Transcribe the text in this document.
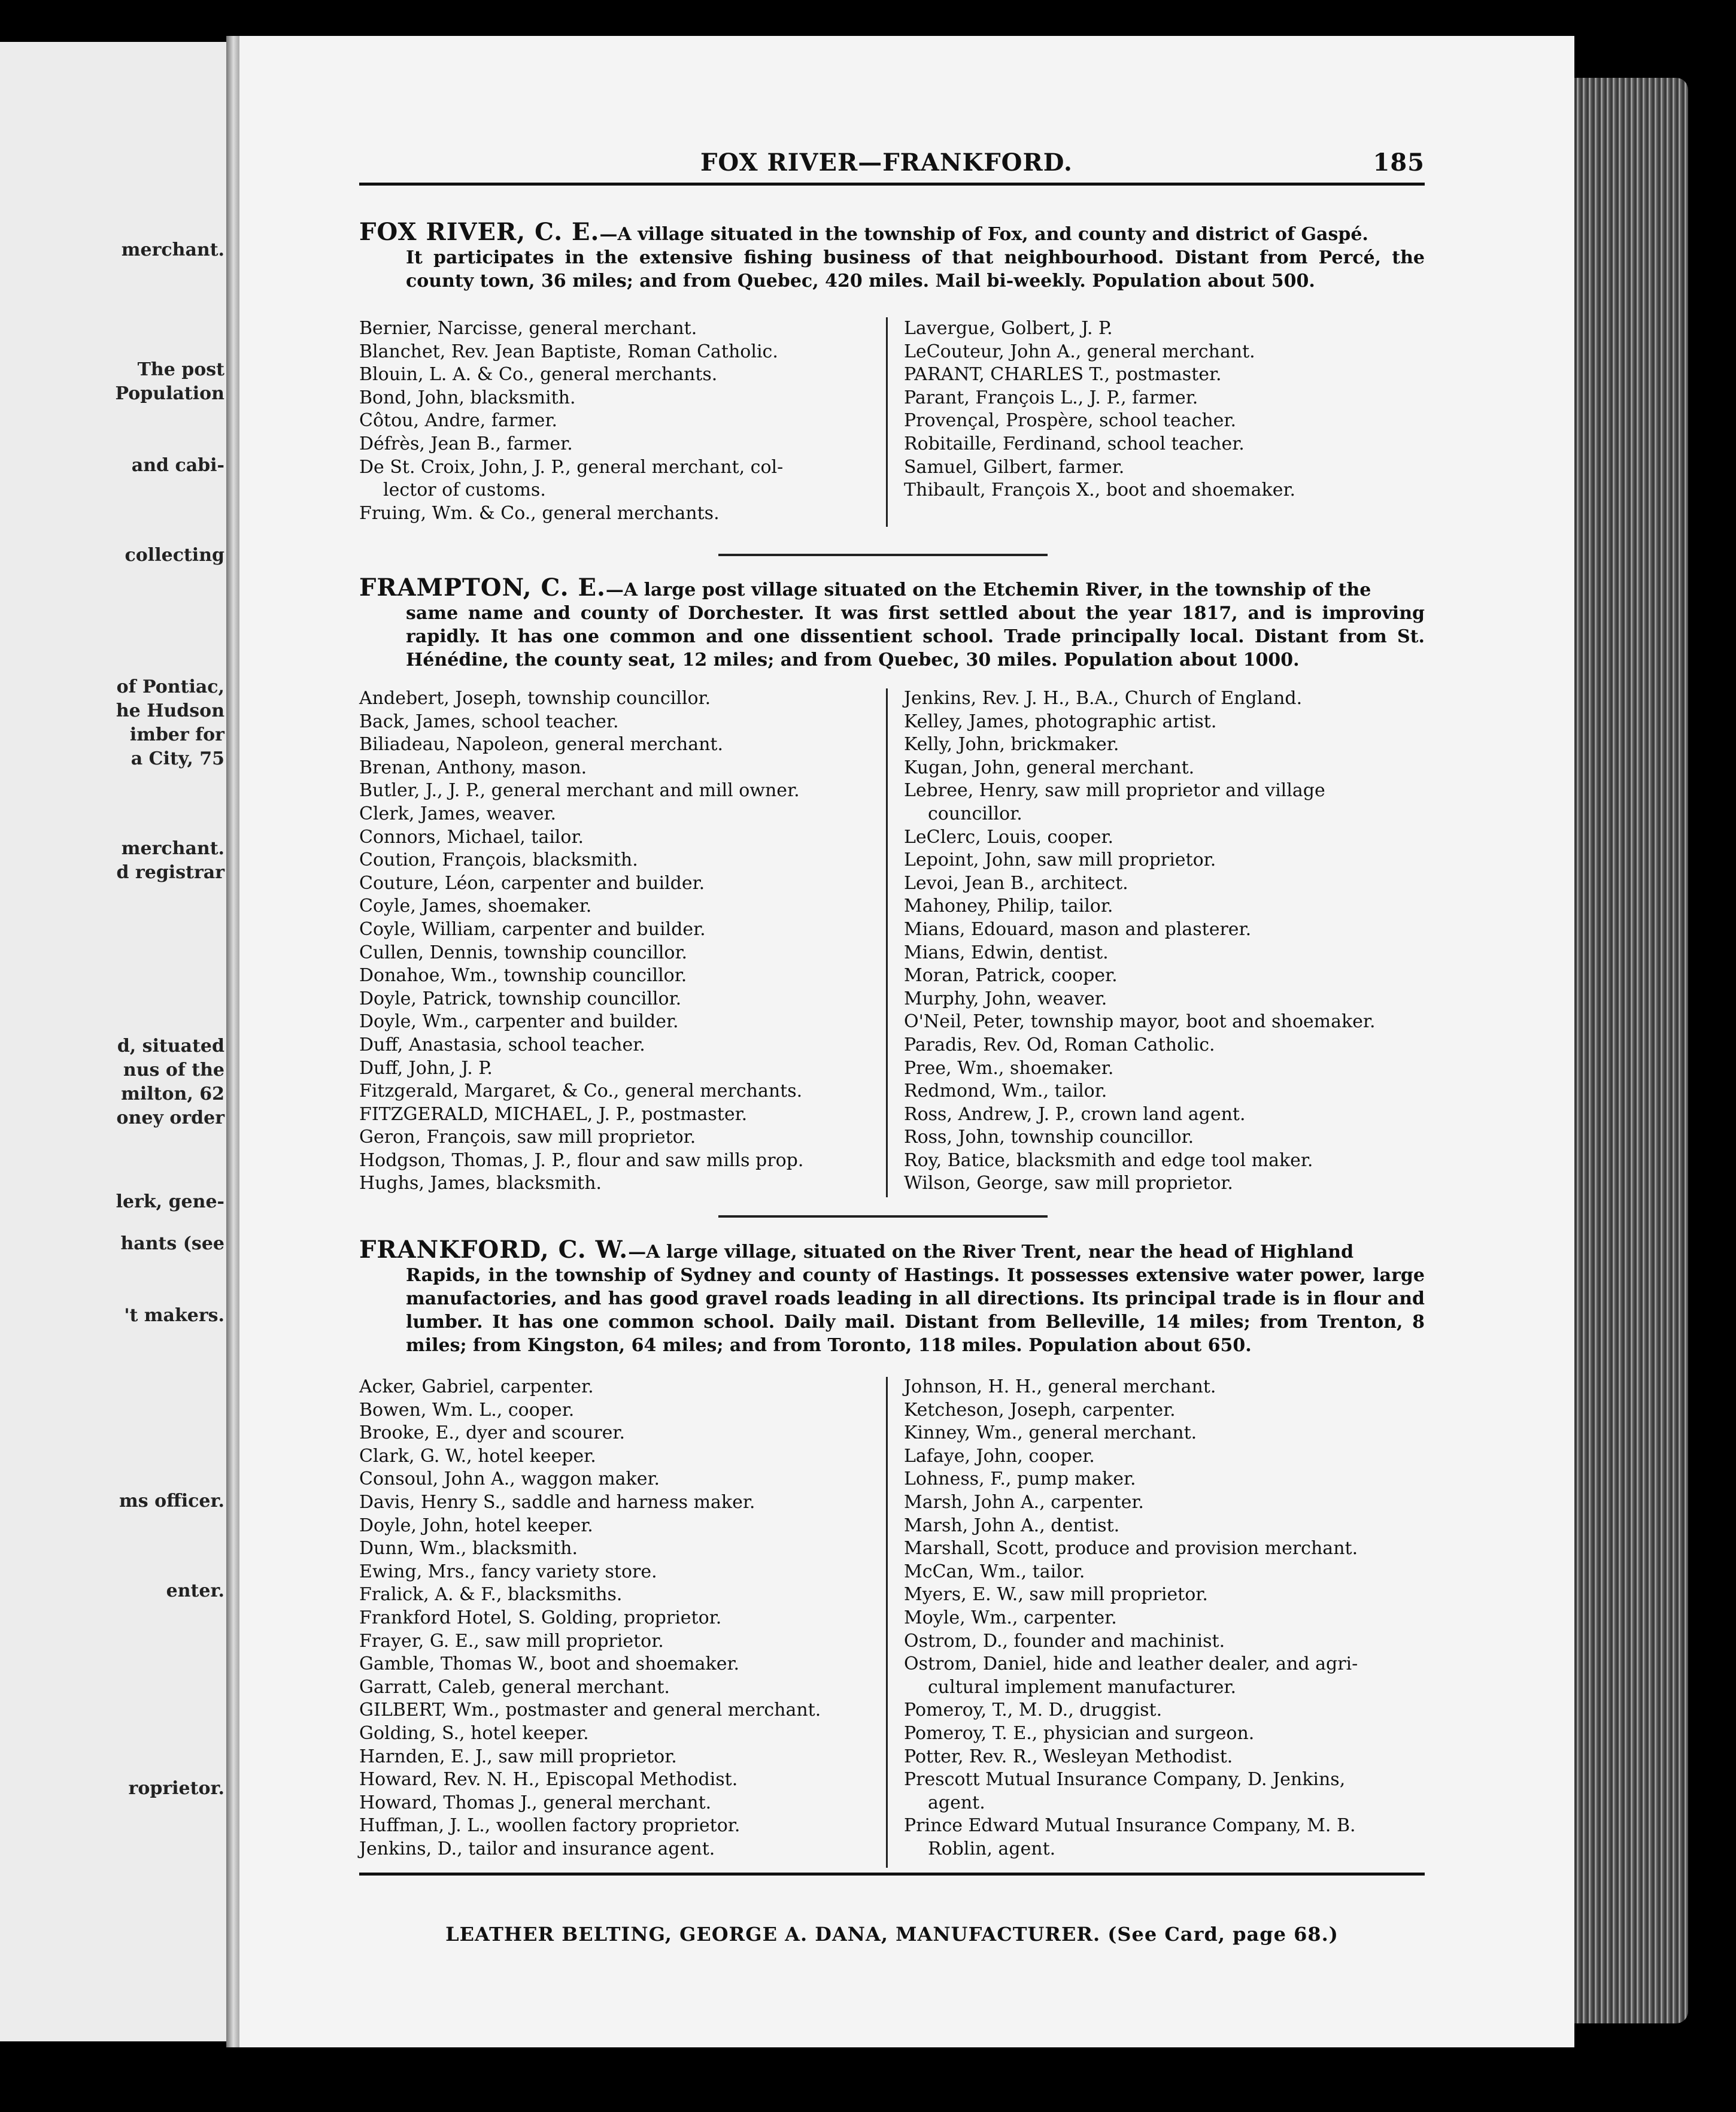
merchant.
The post
Population
and cabi-
collecting
of Pontiac,
he Hudson
imber for
a City, 75
merchant.
d registrar
d, situated
nus of the
milton, 62
oney order
lerk, gene-
hants (see
't makers.
ms officer.
enter.
roprietor.
FOX RIVER—FRANKFORD.	185
FOX RIVER, C. E.—A village situated in the township of Fox, and county and district of Gaspé.
It participates in the extensive fishing business of that neighbourhood. Distant from Percé, the county town, 36 miles; and from Quebec, 420 miles. Mail bi-weekly. Population about 500.
Bernier, Narcisse, general merchant.
Blanchet, Rev. Jean Baptiste, Roman Catholic.
Blouin, L. A. & Co., general merchants.
Bond, John, blacksmith.
Côtou, Andre, farmer.
Défrès, Jean B., farmer.
De St. Croix, John, J. P., general merchant, col-
lector of customs.
Fruing, Wm. & Co., general merchants.
Lavergue, Golbert, J. P.
LeCouteur, John A., general merchant.
PARANT, CHARLES T., postmaster.
Parant, François L., J. P., farmer.
Provençal, Prospère, school teacher.
Robitaille, Ferdinand, school teacher.
Samuel, Gilbert, farmer.
Thibault, François X., boot and shoemaker.
FRAMPTON, C. E.—A large post village situated on the Etchemin River, in the township of the
same name and county of Dorchester. It was first settled about the year 1817, and is improving rapidly. It has one common and one dissentient school. Trade principally local. Distant from St. Hénédine, the county seat, 12 miles; and from Quebec, 30 miles. Population about 1000.
Andebert, Joseph, township councillor.
Back, James, school teacher.
Biliadeau, Napoleon, general merchant.
Brenan, Anthony, mason.
Butler, J., J. P., general merchant and mill owner.
Clerk, James, weaver.
Connors, Michael, tailor.
Coution, François, blacksmith.
Couture, Léon, carpenter and builder.
Coyle, James, shoemaker.
Coyle, William, carpenter and builder.
Cullen, Dennis, township councillor.
Donahoe, Wm., township councillor.
Doyle, Patrick, township councillor.
Doyle, Wm., carpenter and builder.
Duff, Anastasia, school teacher.
Duff, John, J. P.
Fitzgerald, Margaret, & Co., general merchants.
FITZGERALD, MICHAEL, J. P., postmaster.
Geron, François, saw mill proprietor.
Hodgson, Thomas, J. P., flour and saw mills prop.
Hughs, James, blacksmith.
Jenkins, Rev. J. H., B.A., Church of England.
Kelley, James, photographic artist.
Kelly, John, brickmaker.
Kugan, John, general merchant.
Lebree, Henry, saw mill proprietor and village
councillor.
LeClerc, Louis, cooper.
Lepoint, John, saw mill proprietor.
Levoi, Jean B., architect.
Mahoney, Philip, tailor.
Mians, Edouard, mason and plasterer.
Mians, Edwin, dentist.
Moran, Patrick, cooper.
Murphy, John, weaver.
O'Neil, Peter, township mayor, boot and shoemaker.
Paradis, Rev. Od, Roman Catholic.
Pree, Wm., shoemaker.
Redmond, Wm., tailor.
Ross, Andrew, J. P., crown land agent.
Ross, John, township councillor.
Roy, Batice, blacksmith and edge tool maker.
Wilson, George, saw mill proprietor.
FRANKFORD, C. W.—A large village, situated on the River Trent, near the head of Highland
Rapids, in the township of Sydney and county of Hastings. It possesses extensive water power, large manufactories, and has good gravel roads leading in all directions. Its principal trade is in flour and lumber. It has one common school. Daily mail. Distant from Belleville, 14 miles; from Trenton, 8 miles; from Kingston, 64 miles; and from Toronto, 118 miles. Population about 650.
Acker, Gabriel, carpenter.
Bowen, Wm. L., cooper.
Brooke, E., dyer and scourer.
Clark, G. W., hotel keeper.
Consoul, John A., waggon maker.
Davis, Henry S., saddle and harness maker.
Doyle, John, hotel keeper.
Dunn, Wm., blacksmith.
Ewing, Mrs., fancy variety store.
Fralick, A. & F., blacksmiths.
Frankford Hotel, S. Golding, proprietor.
Frayer, G. E., saw mill proprietor.
Gamble, Thomas W., boot and shoemaker.
Garratt, Caleb, general merchant.
GILBERT, Wm., postmaster and general merchant.
Golding, S., hotel keeper.
Harnden, E. J., saw mill proprietor.
Howard, Rev. N. H., Episcopal Methodist.
Howard, Thomas J., general merchant.
Huffman, J. L., woollen factory proprietor.
Jenkins, D., tailor and insurance agent.
Johnson, H. H., general merchant.
Ketcheson, Joseph, carpenter.
Kinney, Wm., general merchant.
Lafaye, John, cooper.
Lohness, F., pump maker.
Marsh, John A., carpenter.
Marsh, John A., dentist.
Marshall, Scott, produce and provision merchant.
McCan, Wm., tailor.
Myers, E. W., saw mill proprietor.
Moyle, Wm., carpenter.
Ostrom, D., founder and machinist.
Ostrom, Daniel, hide and leather dealer, and agri-
cultural implement manufacturer.
Pomeroy, T., M. D., druggist.
Pomeroy, T. E., physician and surgeon.
Potter, Rev. R., Wesleyan Methodist.
Prescott Mutual Insurance Company, D. Jenkins,
agent.
Prince Edward Mutual Insurance Company, M. B.
Roblin, agent.
LEATHER BELTING, GEORGE A. DANA, MANUFACTURER. (See Card, page 68.)
